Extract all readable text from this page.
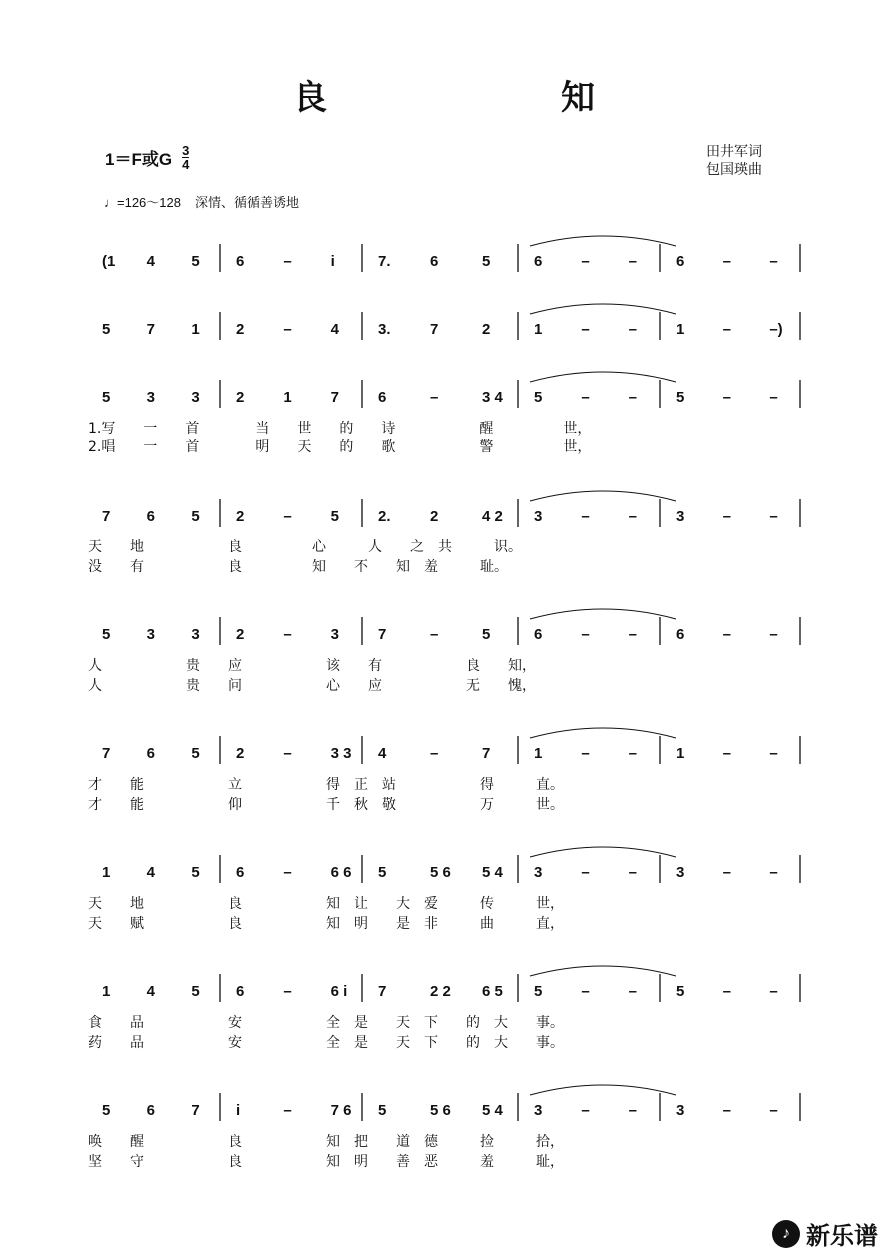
良　知
1＝F或G 3
4
田井军词
包国瑛曲
♩=126～128 深情、循循善诱地
(1 4 5 6	–	i	7.	6	5	6	–	–	6	–	–
5 7 1 2	–	4	3.	7	2	1	–	–	1	–	–)
5 3 3 2	1	7	6	–	3 4 5	–	–	5	–	–
7 6 5 2	–	5	2.	2	4 2 3	–	–	3	–	–
5 3 3 2	–	3	7	–	5	6	–	–	6	–	–
7 6 5 2	–	3 3 4	–	7	1	–	–	1	–	–
1 4 5 6	–	6 6 5	5 6 5 4 3	–	–	3	–	–
1 4 5 6	–	6 i 7	2 2 6 5 5	–	–	5	–	–
5 6 7 i	–	7 6 5	5 6 5 4 3	–	–	3	–	–
1.写　　一　　首　　　　当　　世　　的　　诗　　　　　　醒　　　　　世，
2.唱　　一　　首　　　　明　　天　　的　　歌　　　　　　警　　　　　世，
天　　地　　　　　　良　　　　　心　　　人　　之　共　　　识。
没　　有　　　　　　良　　　　　知　　不　　知　羞　　　耻。
人　　　　　　贵　　应　　　　　　该　　有　　　　　　良　　知，
人　　　　　　贵　　问　　　　　　心　　应　　　　　　无　　愧，
才　　能　　　　　　立　　　　　　得　正　站　　　　　　得　　　直。
才　　能　　　　　　仰　　　　　　千　秋　敬　　　　　　万　　　世。
天　　地　　　　　　良　　　　　　知　让　　大　爱　　　传　　　世，
天　　赋　　　　　　良　　　　　　知　明　　是　非　　　曲　　　直，
食　　品　　　　　　安　　　　　　全　是　　天　下　　的　大　　事。
药　　品　　　　　　安　　　　　　全　是　　天　下　　的　大　　事。
唤　　醒　　　　　　良　　　　　　知　把　　道　德　　　捡　　　拾，
坚　　守　　　　　　良　　　　　　知　明　　善　恶　　　羞　　　耻，
♪ 新乐谱
